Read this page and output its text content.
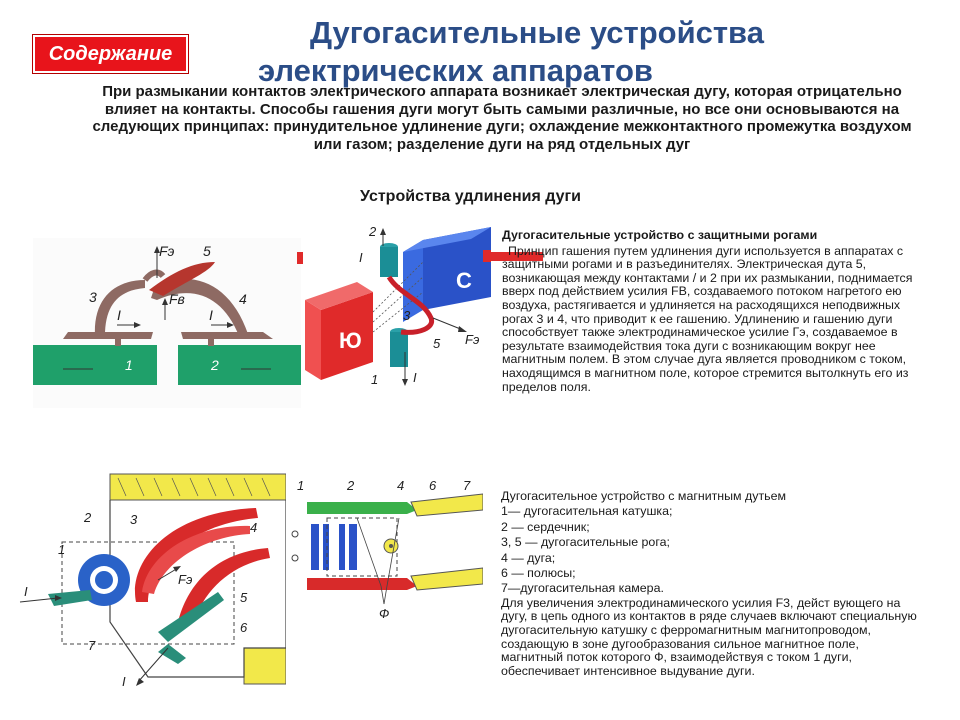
Содержание
Дугогасительные устройства
электрических аппаратов

При размыкании контактов электрического аппарата возникает электрическая дугу, которая отрицательно влияет на контакты. Способы гашения дуги могут быть самыми различные, но все они основываются на следующих принципах: принудительное удлинение дуги; охлаждение межконтактного промежутка воздухом или газом; разделение дуги на ряд отдельных дуг

Устройства удлинения дуги
Fэ
Fв
5
3	4
I	I
1	2
С
Ю
2
I
3
5 Fэ
1	I

Дугогасительные устройство с защитными рогами

Принцип гашения путем удлинения дуги используется в аппаратах с защитными рогами и в разъединителях. Электрическая дута 5, возникающая между контактами / и 2 при их размыкании, поднимается вверх под действием усилия FB, создаваемого потоком нагретого ею воздуха, растягивается и удлиняется на расходящихся неподвижных рогах 3 и 4, что приводит к ее гашению. Удлинению и гашению дуги способствует также электродинамическое усилие Гэ, создаваемое в результате взаимодействия тока дуги с возникающим вокруг нее магнитным полем. В этом случае дуга является проводником с током, находящимся в магнитном поле, которое стремится вытолкнуть его из пределов поля.

2	3
4
1
Fэ
5
6
7
I
I
1	2	4 6 7
Ф

Дугогасительное устройство с магнитным дутьем

1— дугогасительная катушка;

2 — сердечник;

3, 5 — дугогасительные рога;

4 — дуга;

6 — полюсы;

7—дугогасительная камера.

Для увеличения электродинамического усилия F3, дейст вующего на дугу, в цепь одного из контактов в ряде случаев включают специальную дугогасительную катушку с ферромагнитным магнитопроводом, создающую в зоне дугообразования сильное магнитное поле, магнитный поток которого Ф, взаимодействуя с током 1 дуги, обеспечивает интенсивное выдувание дуги.
